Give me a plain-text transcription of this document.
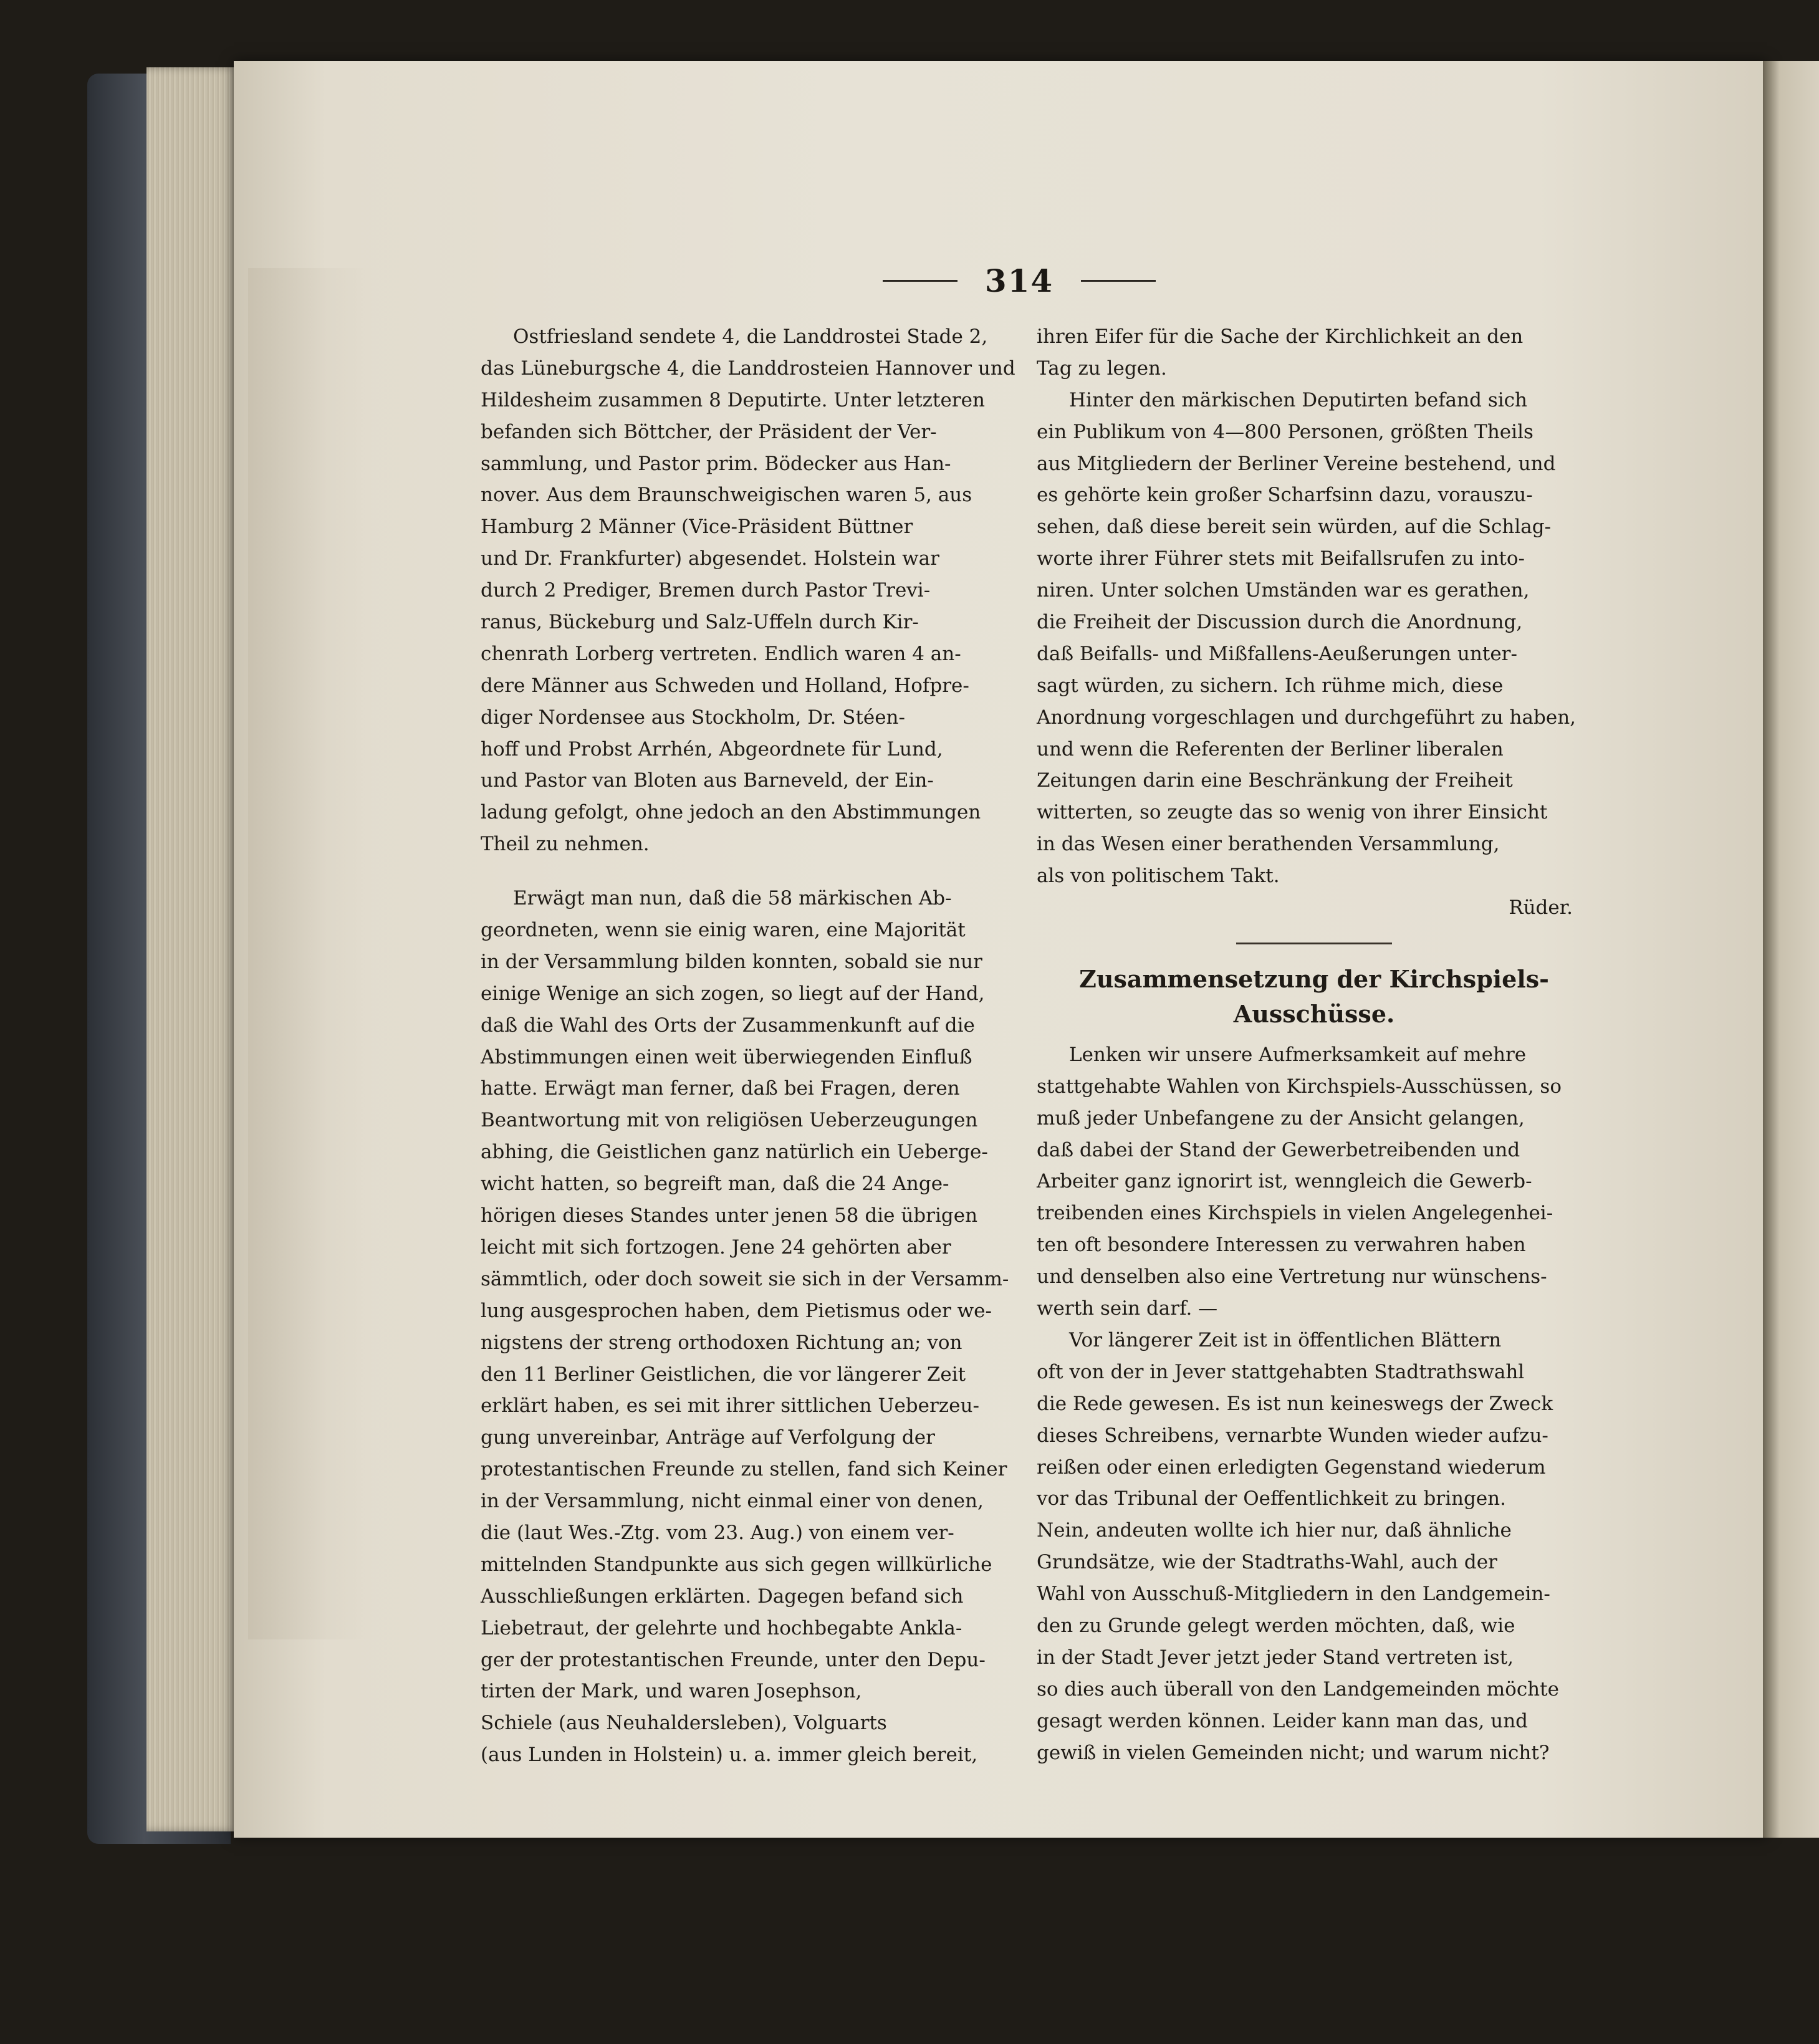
314
Ostfriesland sendete 4, die Landdrostei Stade 2,
das Lüneburgsche 4, die Landdrosteien Hannover und
Hildesheim zusammen 8 Deputirte. Unter letzteren
befanden sich Böttcher, der Präsident der Ver-
sammlung, und Pastor prim. Bödecker aus Han-
nover. Aus dem Braunschweigischen waren 5, aus
Hamburg 2 Männer (Vice-Präsident Büttner
und Dr. Frankfurter) abgesendet. Holstein war
durch 2 Prediger, Bremen durch Pastor Trevi-
ranus, Bückeburg und Salz-Uffeln durch Kir-
chenrath Lorberg vertreten. Endlich waren 4 an-
dere Männer aus Schweden und Holland, Hofpre-
diger Nordensee aus Stockholm, Dr. Stéen-
hoff und Probst Arrhén, Abgeordnete für Lund,
und Pastor van Bloten aus Barneveld, der Ein-
ladung gefolgt, ohne jedoch an den Abstimmungen
Theil zu nehmen.
Erwägt man nun, daß die 58 märkischen Ab-
geordneten, wenn sie einig waren, eine Majorität
in der Versammlung bilden konnten, sobald sie nur
einige Wenige an sich zogen, so liegt auf der Hand,
daß die Wahl des Orts der Zusammenkunft auf die
Abstimmungen einen weit überwiegenden Einfluß
hatte. Erwägt man ferner, daß bei Fragen, deren
Beantwortung mit von religiösen Ueberzeugungen
abhing, die Geistlichen ganz natürlich ein Ueberge-
wicht hatten, so begreift man, daß die 24 Ange-
hörigen dieses Standes unter jenen 58 die übrigen
leicht mit sich fortzogen. Jene 24 gehörten aber
sämmtlich, oder doch soweit sie sich in der Versamm-
lung ausgesprochen haben, dem Pietismus oder we-
nigstens der streng orthodoxen Richtung an; von
den 11 Berliner Geistlichen, die vor längerer Zeit
erklärt haben, es sei mit ihrer sittlichen Ueberzeu-
gung unvereinbar, Anträge auf Verfolgung der
protestantischen Freunde zu stellen, fand sich Keiner
in der Versammlung, nicht einmal einer von denen,
die (laut Wes.-Ztg. vom 23. Aug.) von einem ver-
mittelnden Standpunkte aus sich gegen willkürliche
Ausschließungen erklärten. Dagegen befand sich
Liebetraut, der gelehrte und hochbegabte Ankla-
ger der protestantischen Freunde, unter den Depu-
tirten der Mark, und waren Josephson,
Schiele (aus Neuhaldersleben), Volguarts
(aus Lunden in Holstein) u. a. immer gleich bereit,
ihren Eifer für die Sache der Kirchlichkeit an den
Tag zu legen.
Hinter den märkischen Deputirten befand sich
ein Publikum von 4—800 Personen, größten Theils
aus Mitgliedern der Berliner Vereine bestehend, und
es gehörte kein großer Scharfsinn dazu, vorauszu-
sehen, daß diese bereit sein würden, auf die Schlag-
worte ihrer Führer stets mit Beifallsrufen zu into-
niren. Unter solchen Umständen war es gerathen,
die Freiheit der Discussion durch die Anordnung,
daß Beifalls- und Mißfallens-Aeußerungen unter-
sagt würden, zu sichern. Ich rühme mich, diese
Anordnung vorgeschlagen und durchgeführt zu haben,
und wenn die Referenten der Berliner liberalen
Zeitungen darin eine Beschränkung der Freiheit
witterten, so zeugte das so wenig von ihrer Einsicht
in das Wesen einer berathenden Versammlung,
als von politischem Takt.
Rüder.
Zusammensetzung der Kirchspiels-
Ausschüsse.
Lenken wir unsere Aufmerksamkeit auf mehre
stattgehabte Wahlen von Kirchspiels-Ausschüssen, so
muß jeder Unbefangene zu der Ansicht gelangen,
daß dabei der Stand der Gewerbetreibenden und
Arbeiter ganz ignorirt ist, wenngleich die Gewerb-
treibenden eines Kirchspiels in vielen Angelegenhei-
ten oft besondere Interessen zu verwahren haben
und denselben also eine Vertretung nur wünschens-
werth sein darf. —
Vor längerer Zeit ist in öffentlichen Blättern
oft von der in Jever stattgehabten Stadtrathswahl
die Rede gewesen. Es ist nun keineswegs der Zweck
dieses Schreibens, vernarbte Wunden wieder aufzu-
reißen oder einen erledigten Gegenstand wiederum
vor das Tribunal der Oeffentlichkeit zu bringen.
Nein, andeuten wollte ich hier nur, daß ähnliche
Grundsätze, wie der Stadtraths-Wahl, auch der
Wahl von Ausschuß-Mitgliedern in den Landgemein-
den zu Grunde gelegt werden möchten, daß, wie
in der Stadt Jever jetzt jeder Stand vertreten ist,
so dies auch überall von den Landgemeinden möchte
gesagt werden können. Leider kann man das, und
gewiß in vielen Gemeinden nicht; und warum nicht?
